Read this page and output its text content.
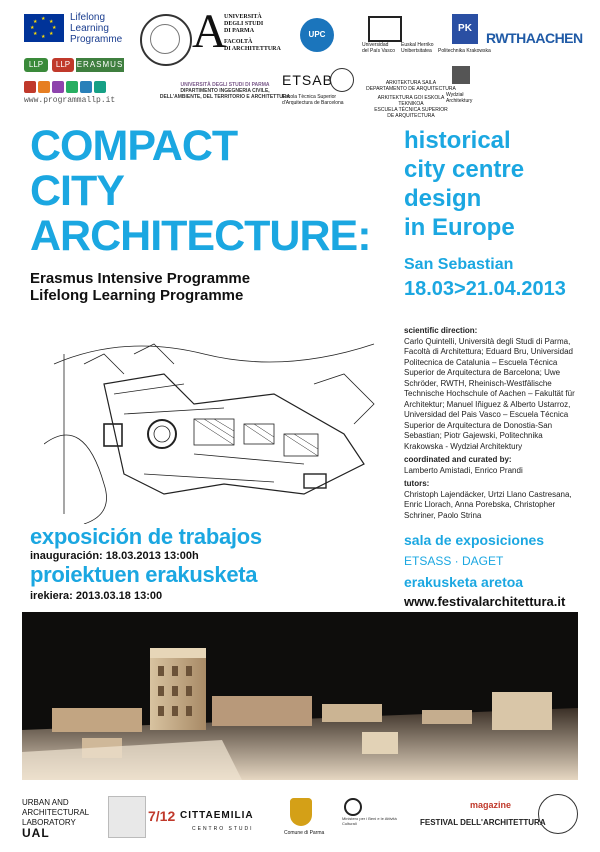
★ ★
★
★
★
★
★
★	Lifelong
Learning
Programme
LLP	LLP ERASMUS
www.programmallp.it
A
UNIVERSITÀ
DEGLI STUDI
DI PARMA
FACOLTÀ
DI ARCHITETTURA
UNIVERSITÀ DEGLI STUDI DI PARMA
DIPARTIMENTO INGEGNERIA CIVILE,
DELL'AMBIENTE, DEL TERRITORIO E ARCHITETTURA
UPC
Universidad
del País Vasco
Euskal Herriko
Unibertsitatea
PK
Politechnika Krakowska
RWTHAACHEN
ETSAB
Escola Tècnica Superior
d'Arquitectura de Barcelona
ARKITEKTURA SAILA
DEPARTAMENTO DE ARQUITECTURA
ARKITEKTURA GOI ESKOLA TEKNIKOA
ESCUELA TÉCNICA SUPERIOR
DE ARQUITECTURA
Wydział
Architektury
COMPACT
CITY
ARCHITECTURE:
Erasmus Intensive Programme
Lifelong Learning Programme
historical
city centre
design
in Europe
San Sebastian
18.03>21.04.2013

scientific direction:
Carlo Quintelli, Università degli Studi di Parma, Facoltà di Architettura; Eduard Bru, Universidad Politecnica de Catalunia – Escuela Técnica Superior de Arquitectura de Barcelona; Uwe Schröder, RWTH, Rheinisch-Westfälische Technische Hochschule of Aachen – Fakultät für Architektur; Manuel Iñiguez & Alberto Ustarroz, Universidad del Pais Vasco – Escuela Técnica Superior de Arquitectura de Donostia-San Sebastian; Piotr Gajewski, Politechnika Krakowska - Wydział Architektury

coordinated and curated by:
Lamberto Amistadi, Enrico Prandi

tutors:
Christoph Lajendäcker, Urtzi Llano Castresana, Enric Llorach, Anna Porebska, Christopher Schriner, Paolo Strina

exposición de trabajos
inauguración: 18.03.2013 13:00h
proiektuen erakusketa
irekiera: 2013.03.18 13:00
sala de exposiciones
ETSASS · DAGET
erakusketa aretoa
www.festivalarchitettura.it
URBAN AND
ARCHITECTURAL
LABORATORY
UAL
7/12 CITTAEMILIA
CENTRO STUDI
Comune di Parma
Ministero per i Beni e le Attività Culturali
magazine
FESTIVAL DELL'ARCHITETTURA
